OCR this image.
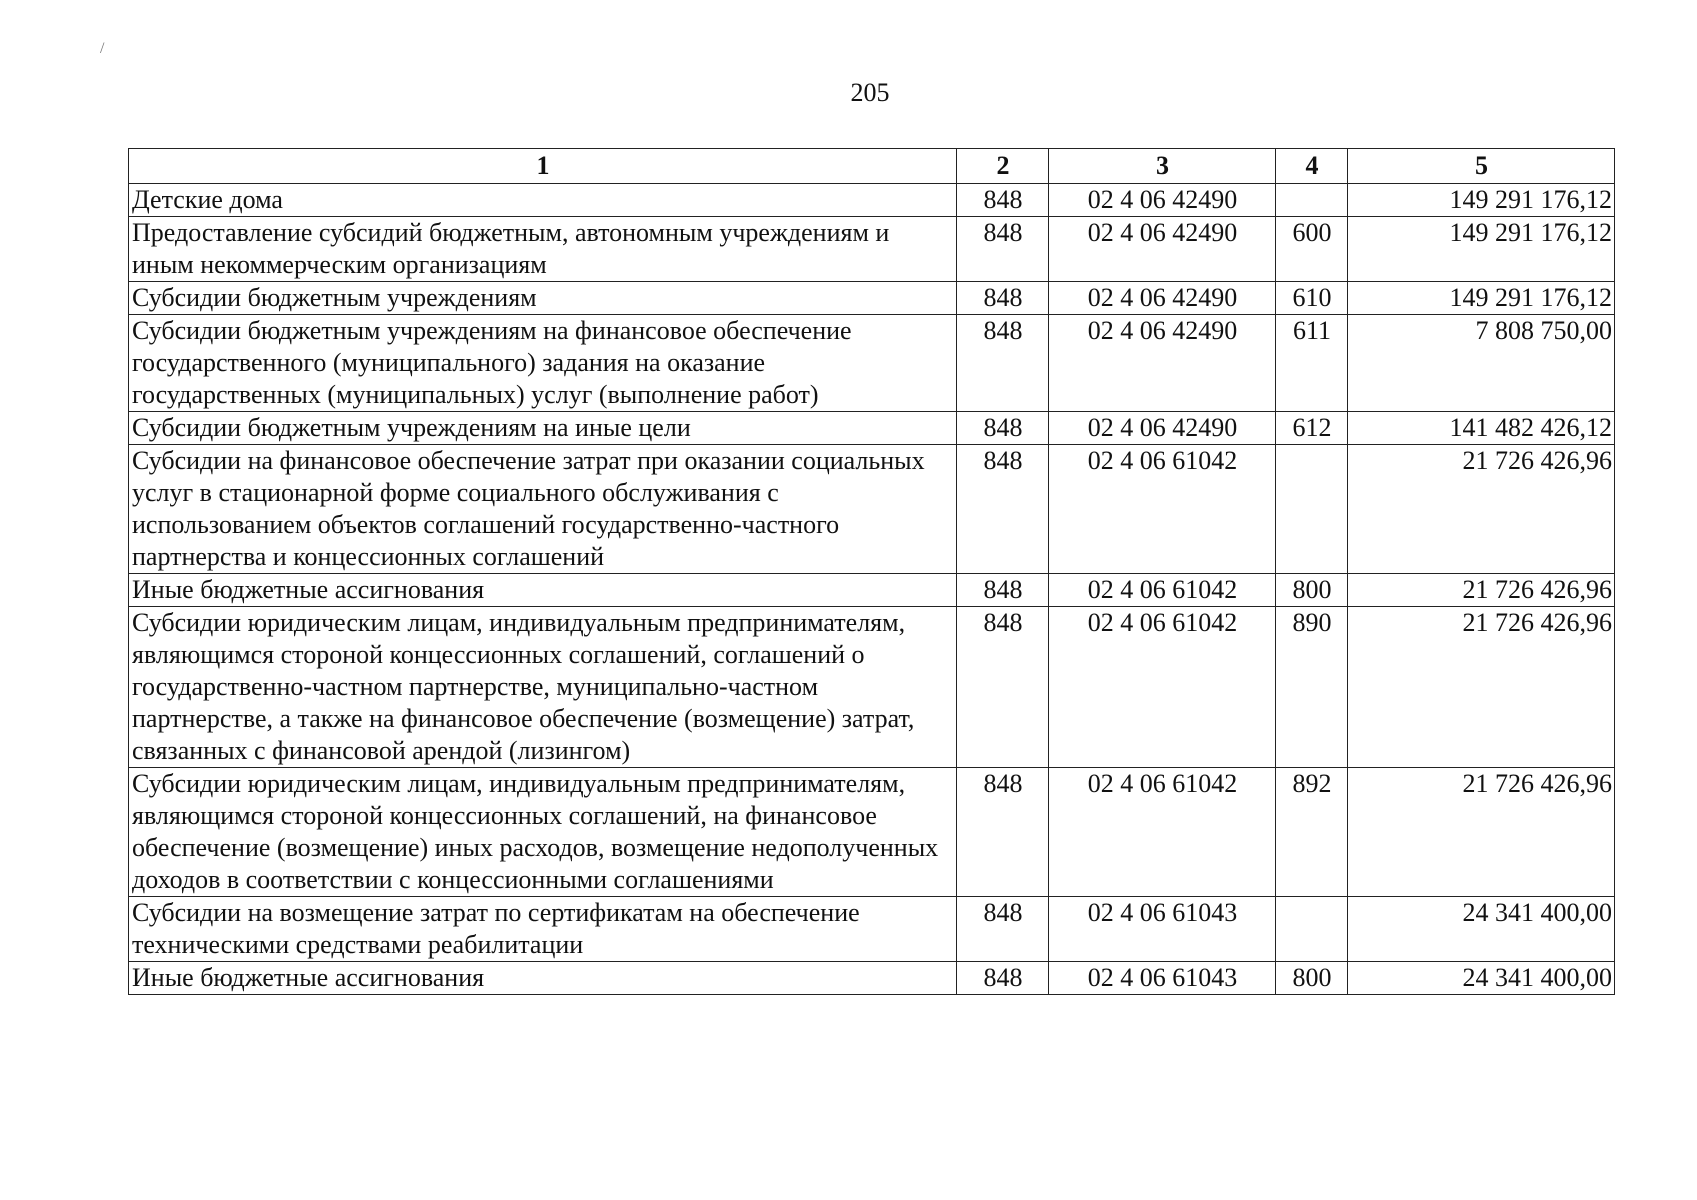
/
205
1	2	3	4	5
Детские дома	848	02 4 06 42490		149 291 176,12
Предоставление субсидий бюджетным, автономным учреждениям и иным некоммерческим организациям	848	02 4 06 42490	600	149 291 176,12
Субсидии бюджетным учреждениям	848	02 4 06 42490	610	149 291 176,12
Субсидии бюджетным учреждениям на финансовое обеспечение государственного (муниципального) задания на оказание государственных (муниципальных) услуг (выполнение работ)	848	02 4 06 42490	611	7 808 750,00
Субсидии бюджетным учреждениям на иные цели	848	02 4 06 42490	612	141 482 426,12
Субсидии на финансовое обеспечение затрат при оказании социальных услуг в стационарной форме социального обслуживания с использованием объектов соглашений государственно-частного партнерства и концессионных соглашений	848	02 4 06 61042		21 726 426,96
Иные бюджетные ассигнования	848	02 4 06 61042	800	21 726 426,96
Субсидии юридическим лицам, индивидуальным предпринимателям, являющимся стороной концессионных соглашений, соглашений о государственно-частном партнерстве, муниципально-частном партнерстве, а также на финансовое обеспечение (возмещение) затрат, связанных с финансовой арендой (лизингом)	848	02 4 06 61042	890	21 726 426,96
Субсидии юридическим лицам, индивидуальным предпринимателям, являющимся стороной концессионных соглашений, на финансовое обеспечение (возмещение) иных расходов, возмещение недополученных доходов в соответствии с концессионными соглашениями	848	02 4 06 61042	892	21 726 426,96
Субсидии на возмещение затрат по сертификатам на обеспечение техническими средствами реабилитации	848	02 4 06 61043		24 341 400,00
Иные бюджетные ассигнования	848	02 4 06 61043	800	24 341 400,00
